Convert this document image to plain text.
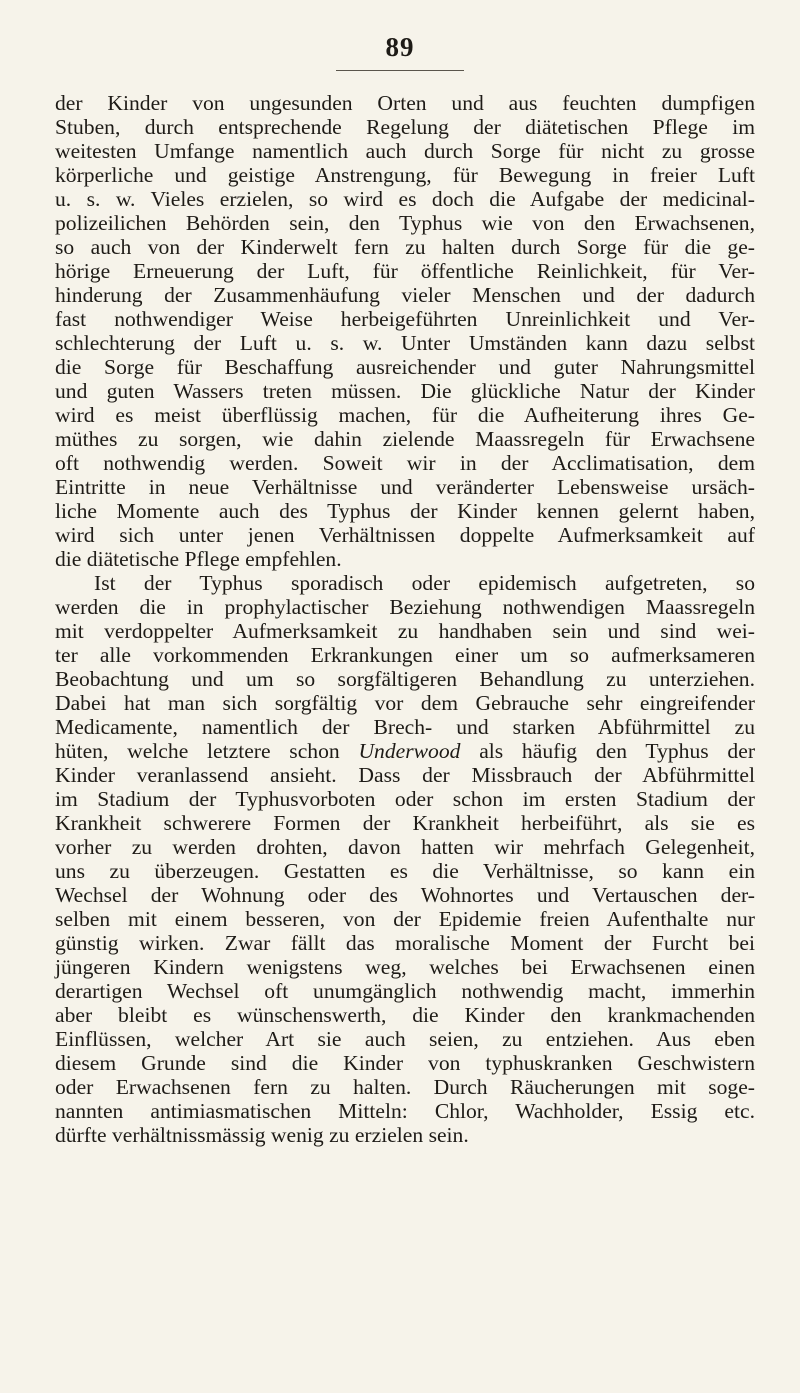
89
der Kinder von ungesunden Orten und aus feuchten dumpfigen
Stuben, durch entsprechende Regelung der diätetischen Pflege im
weitesten Umfange namentlich auch durch Sorge für nicht zu grosse
körperliche und geistige Anstrengung, für Bewegung in freier Luft
u. s. w. Vieles erzielen, so wird es doch die Aufgabe der medicinal-
polizeilichen Behörden sein, den Typhus wie von den Erwachsenen,
so auch von der Kinderwelt fern zu halten durch Sorge für die ge-
hörige Erneuerung der Luft, für öffentliche Reinlichkeit, für Ver-
hinderung der Zusammenhäufung vieler Menschen und der dadurch
fast nothwendiger Weise herbeigeführten Unreinlichkeit und Ver-
schlechterung der Luft u. s. w. Unter Umständen kann dazu selbst
die Sorge für Beschaffung ausreichender und guter Nahrungsmittel
und guten Wassers treten müssen. Die glückliche Natur der Kinder
wird es meist überflüssig machen, für die Aufheiterung ihres Ge-
müthes zu sorgen, wie dahin zielende Maassregeln für Erwachsene
oft nothwendig werden. Soweit wir in der Acclimatisation, dem
Eintritte in neue Verhältnisse und veränderter Lebensweise ursäch-
liche Momente auch des Typhus der Kinder kennen gelernt haben,
wird sich unter jenen Verhältnissen doppelte Aufmerksamkeit auf
die diätetische Pflege empfehlen.
Ist der Typhus sporadisch oder epidemisch aufgetreten, so
werden die in prophylactischer Beziehung nothwendigen Maassregeln
mit verdoppelter Aufmerksamkeit zu handhaben sein und sind wei-
ter alle vorkommenden Erkrankungen einer um so aufmerksameren
Beobachtung und um so sorgfältigeren Behandlung zu unterziehen.
Dabei hat man sich sorgfältig vor dem Gebrauche sehr eingreifender
Medicamente, namentlich der Brech- und starken Abführmittel zu
hüten, welche letztere schon Underwood als häufig den Typhus der
Kinder veranlassend ansieht. Dass der Missbrauch der Abführmittel
im Stadium der Typhusvorboten oder schon im ersten Stadium der
Krankheit schwerere Formen der Krankheit herbeiführt, als sie es
vorher zu werden drohten, davon hatten wir mehrfach Gelegenheit,
uns zu überzeugen. Gestatten es die Verhältnisse, so kann ein
Wechsel der Wohnung oder des Wohnortes und Vertauschen der-
selben mit einem besseren, von der Epidemie freien Aufenthalte nur
günstig wirken. Zwar fällt das moralische Moment der Furcht bei
jüngeren Kindern wenigstens weg, welches bei Erwachsenen einen
derartigen Wechsel oft unumgänglich nothwendig macht, immerhin
aber bleibt es wünschenswerth, die Kinder den krankmachenden
Einflüssen, welcher Art sie auch seien, zu entziehen. Aus eben
diesem Grunde sind die Kinder von typhuskranken Geschwistern
oder Erwachsenen fern zu halten. Durch Räucherungen mit soge-
nannten antimiasmatischen Mitteln: Chlor, Wachholder, Essig etc.
dürfte verhältnissmässig wenig zu erzielen sein.
